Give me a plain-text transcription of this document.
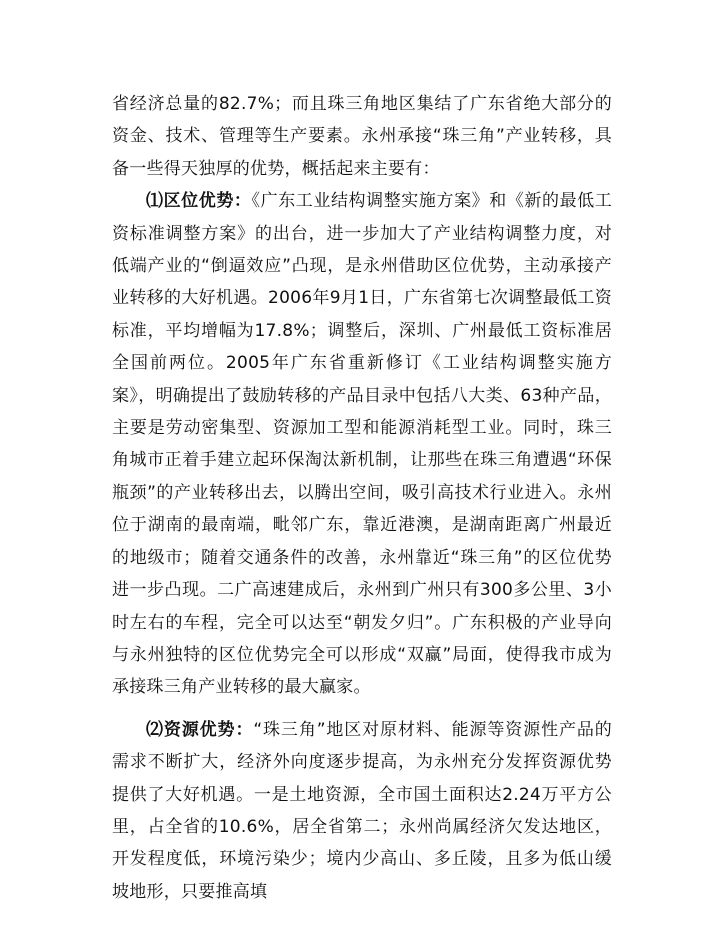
省经济总量的82.7%；而且珠三角地区集结了广东省绝大部分的资金、技术、管理等生产要素。永州承接“珠三角”产业转移，具备一些得天独厚的优势，概括起来主要有：

⑴区位优势：《广东工业结构调整实施方案》和《新的最低工资标准调整方案》的出台，进一步加大了产业结构调整力度，对低端产业的“倒逼效应”凸现，是永州借助区位优势，主动承接产业转移的大好机遇。2006年9月1日，广东省第七次调整最低工资标准，平均增幅为17.8%；调整后，深圳、广州最低工资标准居全国前两位。2005年广东省重新修订《工业结构调整实施方案》，明确提出了鼓励转移的产品目录中包括八大类、63种产品，主要是劳动密集型、资源加工型和能源消耗型工业。同时，珠三角城市正着手建立起环保淘汰新机制，让那些在珠三角遭遇“环保瓶颈”的产业转移出去，以腾出空间，吸引高技术行业进入。永州位于湖南的最南端，毗邻广东，靠近港澳，是湖南距离广州最近的地级市；随着交通条件的改善，永州靠近“珠三角”的区位优势进一步凸现。二广高速建成后，永州到广州只有300多公里、3小时左右的车程，完全可以达至“朝发夕归”。广东积极的产业导向与永州独特的区位优势完全可以形成“双赢”局面，使得我市成为承接珠三角产业转移的最大赢家。

⑵资源优势：“珠三角”地区对原材料、能源等资源性产品的需求不断扩大，经济外向度逐步提高，为永州充分发挥资源优势提供了大好机遇。一是土地资源，全市国土面积达2.24万平方公里，占全省的10.6%，居全省第二；永州尚属经济欠发达地区，开发程度低，环境污染少；境内少高山、多丘陵，且多为低山缓坡地形，只要推高填
